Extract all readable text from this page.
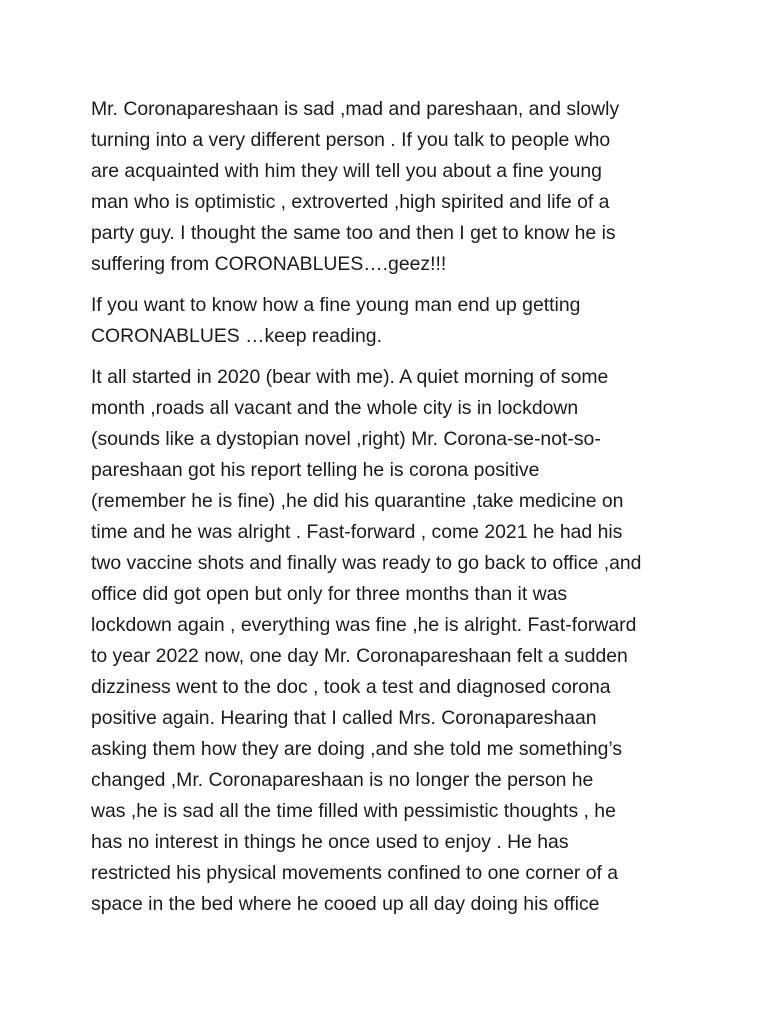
Mr. Coronapareshaan is sad ,mad and pareshaan, and slowly
turning into a very different person . If you talk to people who
are acquainted with him they will tell you about a fine young
man who is optimistic , extroverted ,high spirited and life of a
party guy. I thought the same too and then I get to know he is
suffering from CORONABLUES….geez!!!

If you want to know how a fine young man end up getting
CORONABLUES …keep reading.

It all started in 2020 (bear with me). A quiet morning of some
month ,roads all vacant and the whole city is in lockdown
(sounds like a dystopian novel ,right) Mr. Corona-se-not-so-
pareshaan got his report telling he is corona positive
(remember he is fine) ,he did his quarantine ,take medicine on
time and he was alright . Fast-forward , come 2021 he had his
two vaccine shots and finally was ready to go back to office ,and
office did got open but only for three months than it was
lockdown again , everything was fine ,he is alright. Fast-forward
to year 2022 now, one day Mr. Coronapareshaan felt a sudden
dizziness went to the doc , took a test and diagnosed corona
positive again. Hearing that I called Mrs. Coronapareshaan
asking them how they are doing ,and she told me something’s
changed ,Mr. Coronapareshaan is no longer the person he
was ,he is sad all the time filled with pessimistic thoughts , he
has no interest in things he once used to enjoy . He has
restricted his physical movements confined to one corner of a
space in the bed where he cooed up all day doing his office
